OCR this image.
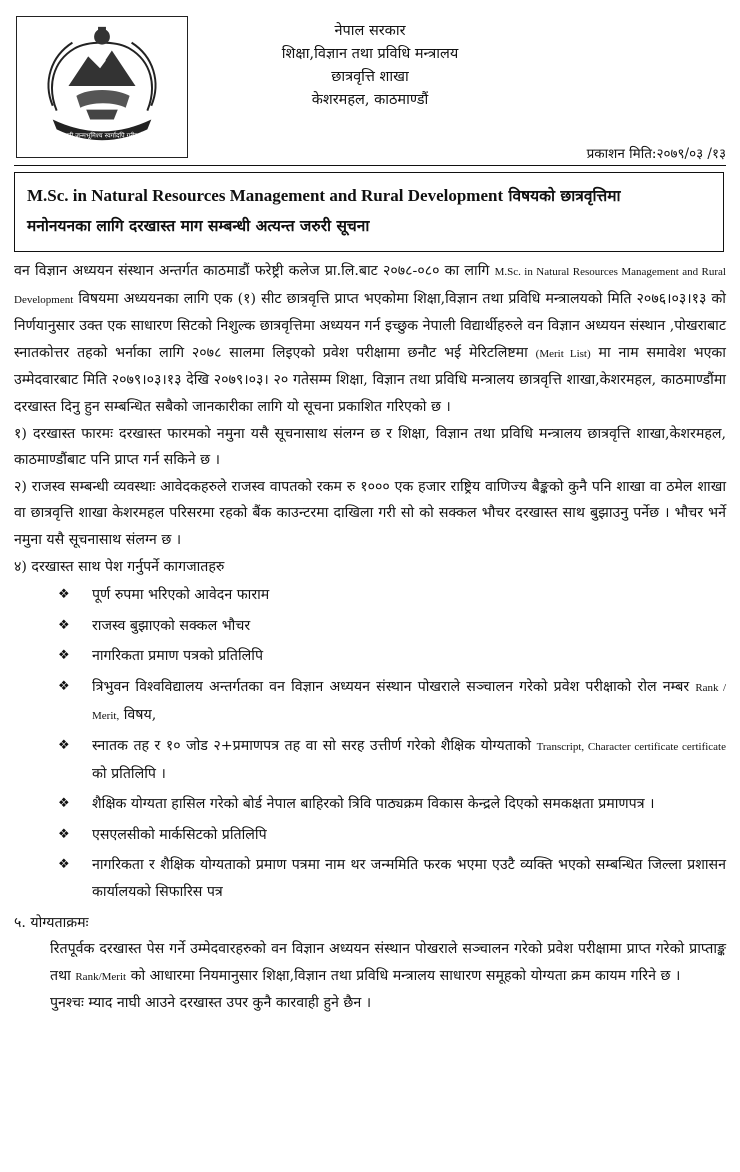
जननी जन्मभूमिश्च स्वर्गादपि गरीयसी
नेपाल सरकार
शिक्षा,विज्ञान तथा प्रविधि मन्त्रालय
छात्रवृत्ति शाखा
केशरमहल, काठमाण्डौं
प्रकाशन मिति:२०७९/०३ /१३
M.Sc. in Natural Resources Management and Rural Development विषयको छात्रवृत्तिमा
मनोनयनका लागि दरखास्त माग सम्बन्धी अत्यन्त जरुरी सूचना

वन विज्ञान अध्ययन संस्थान अन्तर्गत काठमाडौं फरेष्ट्री कलेज प्रा.लि.बाट २०७८-०८० का लागि M.Sc. in Natural Resources Management and Rural Development विषयमा अध्ययनका लागि एक (१) सीट छात्रवृत्ति प्राप्त भएकोमा शिक्षा,विज्ञान तथा प्रविधि मन्त्रालयको मिति २०७६।०३।१३ को निर्णयानुसार उक्त एक साधारण सिटको निशुल्क छात्रवृत्तिमा अध्ययन गर्न इच्छुक नेपाली विद्यार्थीहरुले वन विज्ञान अध्ययन संस्थान ,पोखराबाट स्नातकोत्तर तहको भर्नाका लागि २०७८ सालमा लिइएको प्रवेश परीक्षामा छनौट भई मेरिटलिष्टमा (Merit List) मा नाम समावेश भएका उम्मेदवारबाट मिति २०७९।०३।१३ देखि २०७९।०३। २० गतेसम्म शिक्षा, विज्ञान तथा प्रविधि मन्त्रालय छात्रवृत्ति शाखा,केशरमहल, काठमाण्डौंमा दरखास्त दिनु हुन सम्बन्धित सबैको जानकारीका लागि यो सूचना प्रकाशित गरिएको छ ।

१) दरखास्त फारमः दरखास्त फारमको नमुना यसै सूचनासाथ संलग्न छ र शिक्षा, विज्ञान तथा प्रविधि मन्त्रालय छात्रवृत्ति शाखा,केशरमहल, काठमाण्डौंबाट पनि प्राप्त गर्न सकिने छ ।

२) राजस्व सम्बन्धी व्यवस्थाः आवेदकहरुले राजस्व वापतको रकम रु १००० एक हजार राष्ट्रिय वाणिज्य बैङ्कको कुनै पनि शाखा वा ठमेल शाखा वा छात्रवृत्ति शाखा केशरमहल परिसरमा रहको बैंक काउन्टरमा दाखिला गरी सो को सक्कल भौचर दरखास्त साथ बुझाउनु पर्नेछ । भौचर भर्ने नमुना यसै सूचनासाथ संलग्न छ ।

४) दरखास्त साथ पेश गर्नुपर्ने कागजातहरु

❖ पूर्ण रुपमा भरिएको आवेदन फाराम
❖ राजस्व बुझाएको सक्कल भौचर
❖ नागरिकता प्रमाण पत्रको प्रतिलिपि
❖ त्रिभुवन विश्वविद्यालय अन्तर्गतका वन विज्ञान अध्ययन संस्थान पोखराले सञ्चालन गरेको प्रवेश परीक्षाको रोल नम्बर Rank / Merit, विषय,
❖ स्नातक तह र १० जोड २+प्रमाणपत्र तह वा सो सरह उत्तीर्ण गरेको शैक्षिक योग्यताको Transcript, Character certificate certificate को प्रतिलिपि ।
❖ शैक्षिक योग्यता हासिल गरेको बोर्ड नेपाल बाहिरको त्रिवि पाठ्यक्रम विकास केन्द्रले दिएको समकक्षता प्रमाणपत्र ।
❖ एसएलसीको मार्कसिटको प्रतिलिपि
❖ नागरिकता र शैक्षिक योग्यताको प्रमाण पत्रमा नाम थर जन्ममिति फरक भएमा एउटै व्यक्ति भएको सम्बन्धित जिल्ला प्रशासन कार्यालयको सिफारिस पत्र

५. योग्यताक्रमः

रितपूर्वक दरखास्त पेस गर्ने उम्मेदवारहरुको वन विज्ञान अध्ययन संस्थान पोखराले सञ्चालन गरेको प्रवेश परीक्षामा प्राप्त गरेको प्राप्ताङ्क तथा Rank/Merit को आधारमा नियमानुसार शिक्षा,विज्ञान तथा प्रविधि मन्त्रालय साधारण समूहको योग्यता क्रम कायम गरिने छ ।

पुनश्चः म्याद नाघी आउने दरखास्त उपर कुनै कारवाही हुने छैन ।
